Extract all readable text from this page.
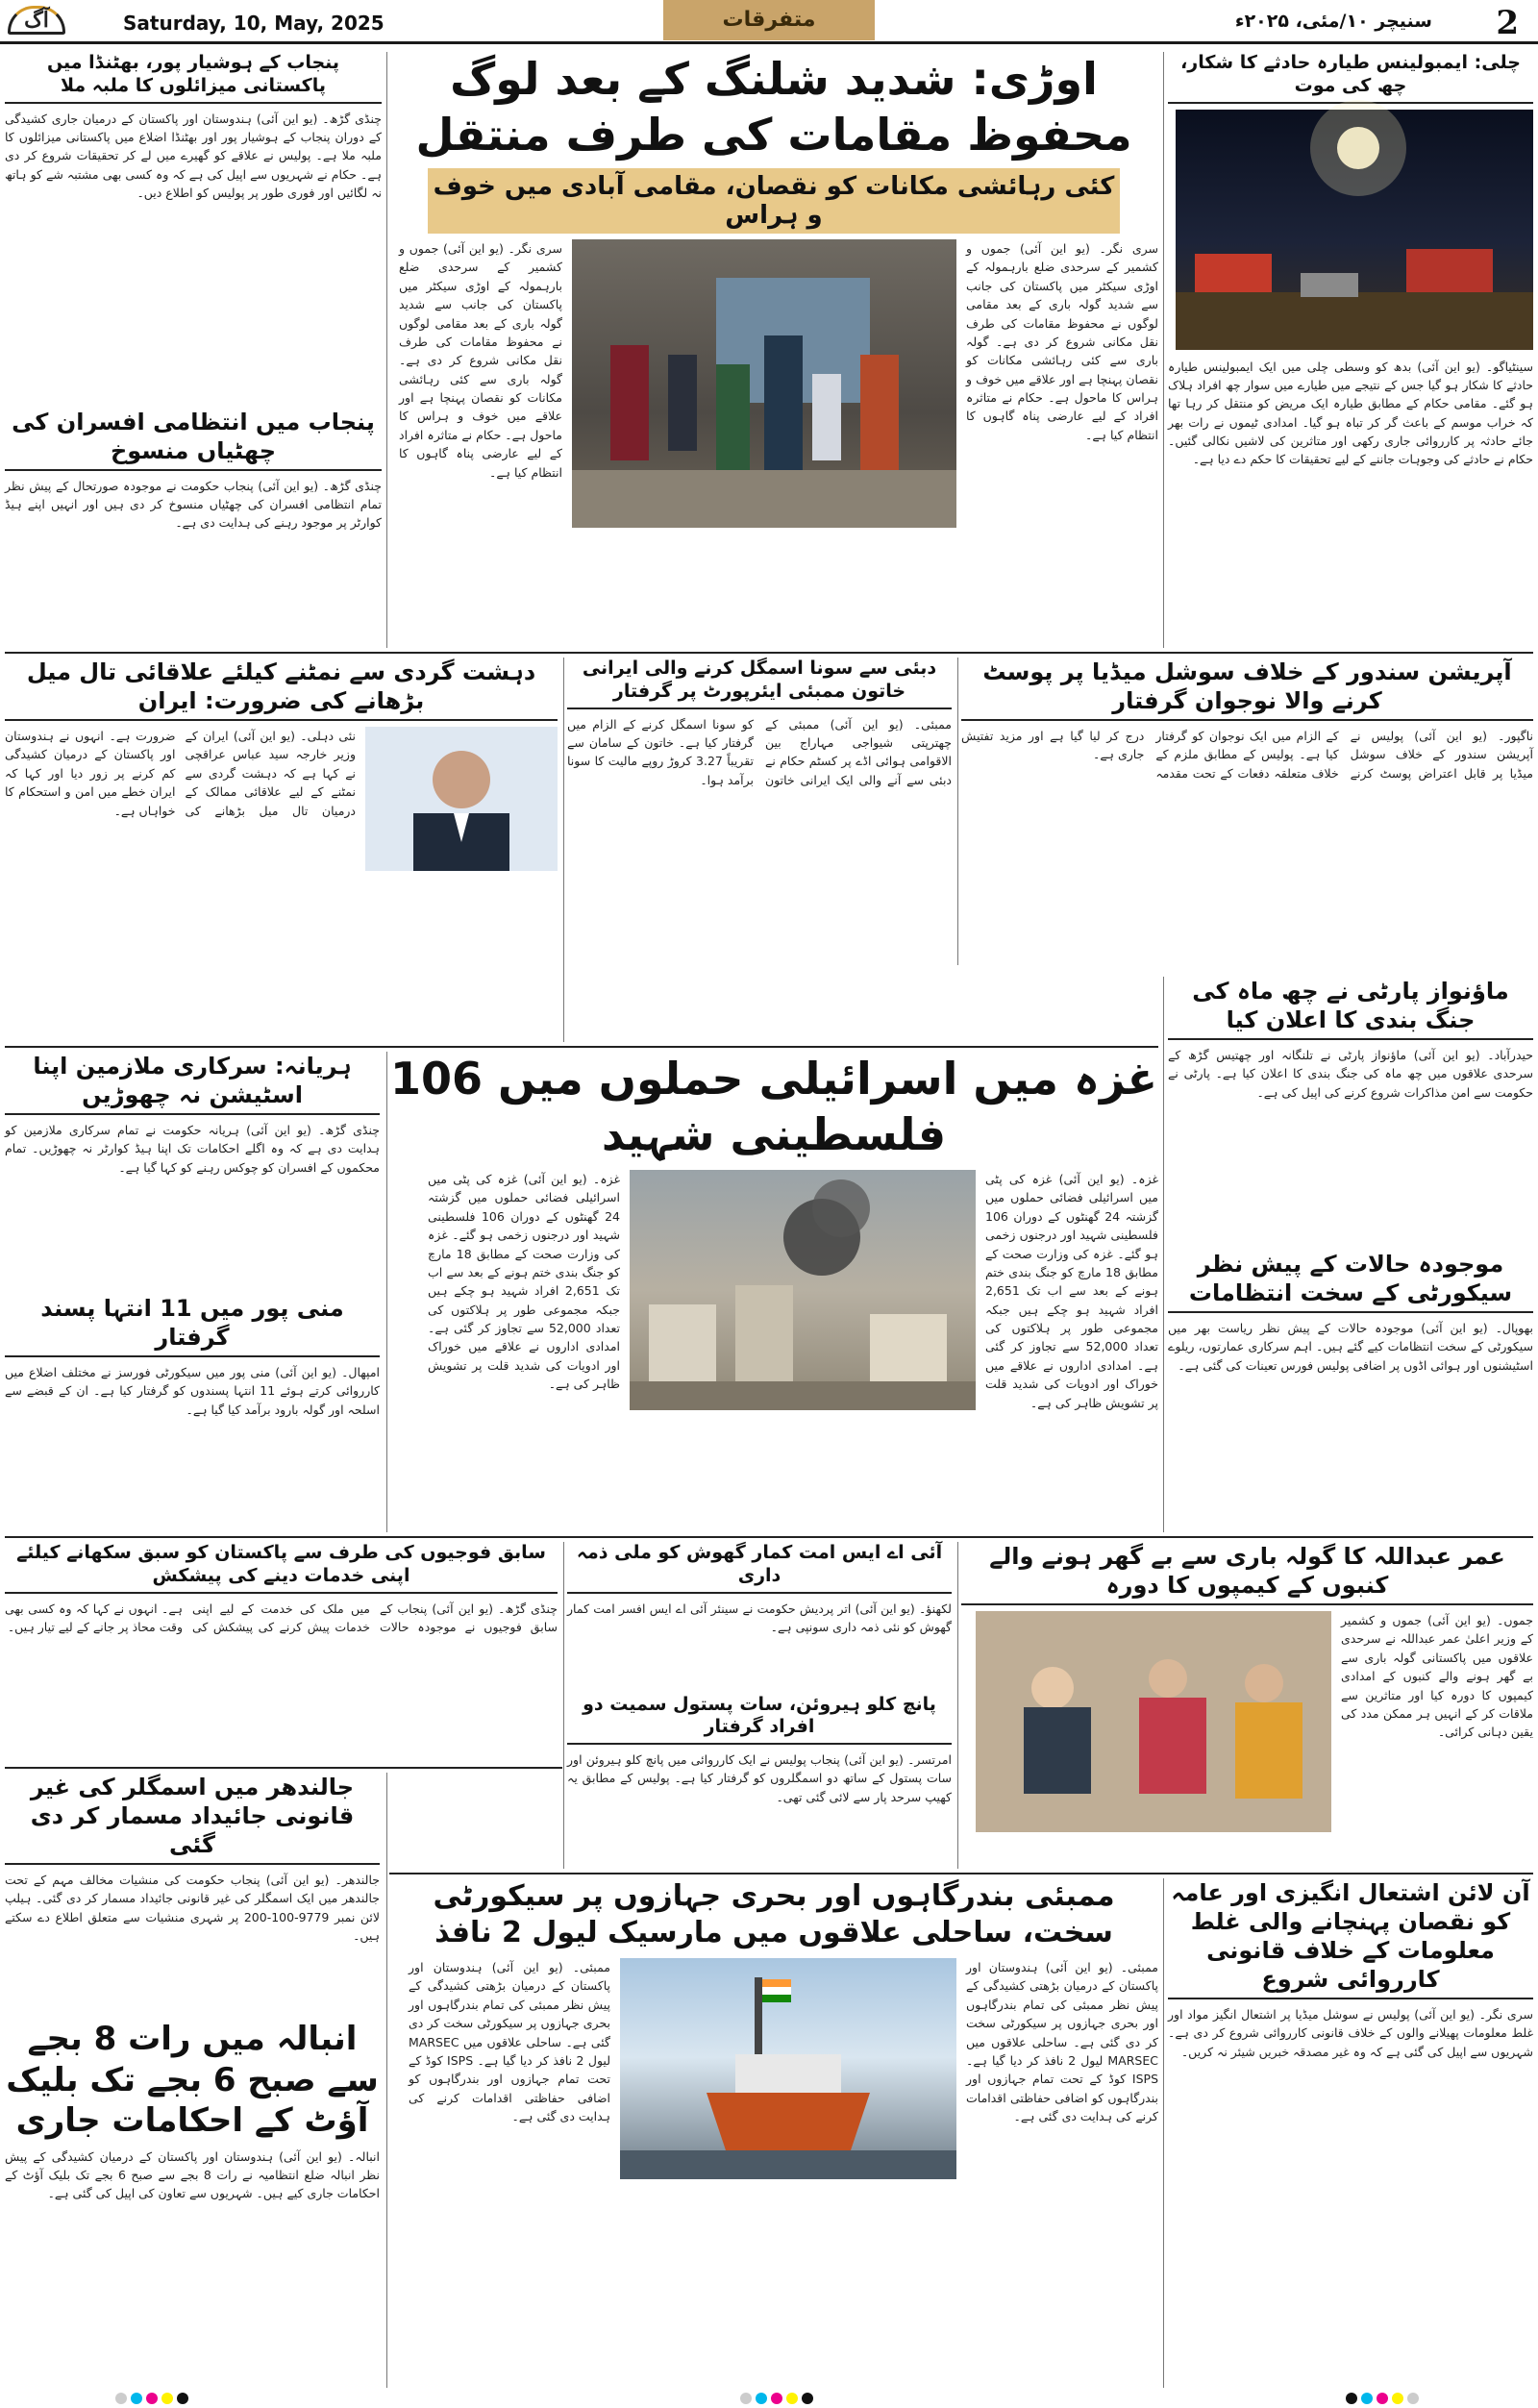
آگ	Saturday, 10, May, 2025	متفرقات	سنیچر ۱۰/مئی، ۲۰۲۵ء 2
چلی: ایمبولینس طیارہ حادثے کا شکار، چھ کی موت
سینٹیاگو۔ (یو این آئی) بدھ کو وسطی چلی میں ایک ایمبولینس طیارہ حادثے کا شکار ہو گیا جس کے نتیجے میں طیارے میں سوار چھ افراد ہلاک ہو گئے۔ مقامی حکام کے مطابق طیارہ ایک مریض کو منتقل کر رہا تھا کہ خراب موسم کے باعث گر کر تباہ ہو گیا۔ امدادی ٹیموں نے رات بھر جائے حادثہ پر کارروائی جاری رکھی اور متاثرین کی لاشیں نکالی گئیں۔ حکام نے حادثے کی وجوہات جاننے کے لیے تحقیقات کا حکم دے دیا ہے۔
اوڑی: شدید شلنگ کے بعد لوگ محفوظ مقامات کی طرف منتقل
کئی رہائشی مکانات کو نقصان، مقامی آبادی میں خوف و ہراس
سری نگر۔ (یو این آئی) جموں و کشمیر کے سرحدی ضلع بارہمولہ کے اوڑی سیکٹر میں پاکستان کی جانب سے شدید گولہ باری کے بعد مقامی لوگوں نے محفوظ مقامات کی طرف نقل مکانی شروع کر دی ہے۔ گولہ باری سے کئی رہائشی مکانات کو نقصان پہنچا ہے اور علاقے میں خوف و ہراس کا ماحول ہے۔ حکام نے متاثرہ افراد کے لیے عارضی پناہ گاہوں کا انتظام کیا ہے۔
سری نگر۔ (یو این آئی) جموں و کشمیر کے سرحدی ضلع بارہمولہ کے اوڑی سیکٹر میں پاکستان کی جانب سے شدید گولہ باری کے بعد مقامی لوگوں نے محفوظ مقامات کی طرف نقل مکانی شروع کر دی ہے۔ گولہ باری سے کئی رہائشی مکانات کو نقصان پہنچا ہے اور علاقے میں خوف و ہراس کا ماحول ہے۔ حکام نے متاثرہ افراد کے لیے عارضی پناہ گاہوں کا انتظام کیا ہے۔
پنجاب کے ہوشیار پور، بھٹنڈا میں پاکستانی میزائلوں کا ملبہ ملا
چنڈی گڑھ۔ (یو این آئی) ہندوستان اور پاکستان کے درمیان جاری کشیدگی کے دوران پنجاب کے ہوشیار پور اور بھٹنڈا اضلاع میں پاکستانی میزائلوں کا ملبہ ملا ہے۔ پولیس نے علاقے کو گھیرے میں لے کر تحقیقات شروع کر دی ہے۔ حکام نے شہریوں سے اپیل کی ہے کہ وہ کسی بھی مشتبہ شے کو ہاتھ نہ لگائیں اور فوری طور پر پولیس کو اطلاع دیں۔
پنجاب میں انتظامی افسران کی چھٹیاں منسوخ
چنڈی گڑھ۔ (یو این آئی) پنجاب حکومت نے موجودہ صورتحال کے پیش نظر تمام انتظامی افسران کی چھٹیاں منسوخ کر دی ہیں اور انہیں اپنے ہیڈ کوارٹر پر موجود رہنے کی ہدایت دی ہے۔
آپریشن سندور کے خلاف سوشل میڈیا پر پوسٹ کرنے والا نوجوان گرفتار
ناگپور۔ (یو این آئی) پولیس نے آپریشن سندور کے خلاف سوشل میڈیا پر قابل اعتراض پوسٹ کرنے کے الزام میں ایک نوجوان کو گرفتار کیا ہے۔ پولیس کے مطابق ملزم کے خلاف متعلقہ دفعات کے تحت مقدمہ درج کر لیا گیا ہے اور مزید تفتیش جاری ہے۔
دبئی سے سونا اسمگل کرنے والی ایرانی خاتون ممبئی ایئرپورٹ پر گرفتار
ممبئی۔ (یو این آئی) ممبئی کے چھترپتی شیواجی مہاراج بین الاقوامی ہوائی اڈے پر کسٹم حکام نے دبئی سے آنے والی ایک ایرانی خاتون کو سونا اسمگل کرنے کے الزام میں گرفتار کیا ہے۔ خاتون کے سامان سے تقریباً 3.27 کروڑ روپے مالیت کا سونا برآمد ہوا۔
دہشت گردی سے نمٹنے کیلئے علاقائی تال میل بڑھانے کی ضرورت: ایران
نئی دہلی۔ (یو این آئی) ایران کے وزیر خارجہ سید عباس عراقچی نے کہا ہے کہ دہشت گردی سے نمٹنے کے لیے علاقائی ممالک کے درمیان تال میل بڑھانے کی ضرورت ہے۔ انہوں نے ہندوستان اور پاکستان کے درمیان کشیدگی کم کرنے پر زور دیا اور کہا کہ ایران خطے میں امن و استحکام کا خواہاں ہے۔
ماؤنواز پارٹی نے چھ ماہ کی جنگ بندی کا اعلان کیا
حیدرآباد۔ (یو این آئی) ماؤنواز پارٹی نے تلنگانہ اور چھتیس گڑھ کے سرحدی علاقوں میں چھ ماہ کی جنگ بندی کا اعلان کیا ہے۔ پارٹی نے حکومت سے امن مذاکرات شروع کرنے کی اپیل کی ہے۔
موجودہ حالات کے پیش نظر سیکورٹی کے سخت انتظامات
بھوپال۔ (یو این آئی) موجودہ حالات کے پیش نظر ریاست بھر میں سیکورٹی کے سخت انتظامات کیے گئے ہیں۔ اہم سرکاری عمارتوں، ریلوے اسٹیشنوں اور ہوائی اڈوں پر اضافی پولیس فورس تعینات کی گئی ہے۔
غزہ میں اسرائیلی حملوں میں 106 فلسطینی شہید
غزہ۔ (یو این آئی) غزہ کی پٹی میں اسرائیلی فضائی حملوں میں گزشتہ 24 گھنٹوں کے دوران 106 فلسطینی شہید اور درجنوں زخمی ہو گئے۔ غزہ کی وزارت صحت کے مطابق 18 مارچ کو جنگ بندی ختم ہونے کے بعد سے اب تک 2,651 افراد شہید ہو چکے ہیں جبکہ مجموعی طور پر ہلاکتوں کی تعداد 52,000 سے تجاوز کر گئی ہے۔ امدادی اداروں نے علاقے میں خوراک اور ادویات کی شدید قلت پر تشویش ظاہر کی ہے۔
غزہ۔ (یو این آئی) غزہ کی پٹی میں اسرائیلی فضائی حملوں میں گزشتہ 24 گھنٹوں کے دوران 106 فلسطینی شہید اور درجنوں زخمی ہو گئے۔ غزہ کی وزارت صحت کے مطابق 18 مارچ کو جنگ بندی ختم ہونے کے بعد سے اب تک 2,651 افراد شہید ہو چکے ہیں جبکہ مجموعی طور پر ہلاکتوں کی تعداد 52,000 سے تجاوز کر گئی ہے۔ امدادی اداروں نے علاقے میں خوراک اور ادویات کی شدید قلت پر تشویش ظاہر کی ہے۔
ہریانہ: سرکاری ملازمین اپنا اسٹیشن نہ چھوڑیں
چنڈی گڑھ۔ (یو این آئی) ہریانہ حکومت نے تمام سرکاری ملازمین کو ہدایت دی ہے کہ وہ اگلے احکامات تک اپنا ہیڈ کوارٹر نہ چھوڑیں۔ تمام محکموں کے افسران کو چوکس رہنے کو کہا گیا ہے۔
منی پور میں 11 انتہا پسند گرفتار
امپھال۔ (یو این آئی) منی پور میں سیکورٹی فورسز نے مختلف اضلاع میں کارروائی کرتے ہوئے 11 انتہا پسندوں کو گرفتار کیا ہے۔ ان کے قبضے سے اسلحہ اور گولہ بارود برآمد کیا گیا ہے۔
عمر عبداللہ کا گولہ باری سے بے گھر ہونے والے کنبوں کے کیمپوں کا دورہ
جموں۔ (یو این آئی) جموں و کشمیر کے وزیر اعلیٰ عمر عبداللہ نے سرحدی علاقوں میں پاکستانی گولہ باری سے بے گھر ہونے والے کنبوں کے امدادی کیمپوں کا دورہ کیا اور متاثرین سے ملاقات کر کے انہیں ہر ممکن مدد کی یقین دہانی کرائی۔
آئی اے ایس امت کمار گھوش کو ملی ذمہ داری
لکھنؤ۔ (یو این آئی) اتر پردیش حکومت نے سینئر آئی اے ایس افسر امت کمار گھوش کو نئی ذمہ داری سونپی ہے۔
پانچ کلو ہیروئن، سات پستول سمیت دو افراد گرفتار
امرتسر۔ (یو این آئی) پنجاب پولیس نے ایک کارروائی میں پانچ کلو ہیروئن اور سات پستول کے ساتھ دو اسمگلروں کو گرفتار کیا ہے۔ پولیس کے مطابق یہ کھیپ سرحد پار سے لائی گئی تھی۔
سابق فوجیوں کی طرف سے پاکستان کو سبق سکھانے کیلئے اپنی خدمات دینے کی پیشکش
چنڈی گڑھ۔ (یو این آئی) پنجاب کے سابق فوجیوں نے موجودہ حالات میں ملک کی خدمت کے لیے اپنی خدمات پیش کرنے کی پیشکش کی ہے۔ انہوں نے کہا کہ وہ کسی بھی وقت محاذ پر جانے کے لیے تیار ہیں۔
جالندھر میں اسمگلر کی غیر قانونی جائیداد مسمار کر دی گئی
جالندھر۔ (یو این آئی) پنجاب حکومت کی منشیات مخالف مہم کے تحت جالندھر میں ایک اسمگلر کی غیر قانونی جائیداد مسمار کر دی گئی۔ ہیلپ لائن نمبر 9779-100-200 پر شہری منشیات سے متعلق اطلاع دے سکتے ہیں۔
انبالہ میں رات 8 بجے سے صبح 6 بجے تک بلیک آؤٹ کے احکامات جاری
انبالہ۔ (یو این آئی) ہندوستان اور پاکستان کے درمیان کشیدگی کے پیش نظر انبالہ ضلع انتظامیہ نے رات 8 بجے سے صبح 6 بجے تک بلیک آؤٹ کے احکامات جاری کیے ہیں۔ شہریوں سے تعاون کی اپیل کی گئی ہے۔
آن لائن اشتعال انگیزی اور عامہ کو نقصان پہنچانے والی غلط معلومات کے خلاف قانونی کارروائی شروع
سری نگر۔ (یو این آئی) پولیس نے سوشل میڈیا پر اشتعال انگیز مواد اور غلط معلومات پھیلانے والوں کے خلاف قانونی کارروائی شروع کر دی ہے۔ شہریوں سے اپیل کی گئی ہے کہ وہ غیر مصدقہ خبریں شیئر نہ کریں۔
ممبئی بندرگاہوں اور بحری جہازوں پر سیکورٹی سخت، ساحلی علاقوں میں مارسیک لیول 2 نافذ
ممبئی۔ (یو این آئی) ہندوستان اور پاکستان کے درمیان بڑھتی کشیدگی کے پیش نظر ممبئی کی تمام بندرگاہوں اور بحری جہازوں پر سیکورٹی سخت کر دی گئی ہے۔ ساحلی علاقوں میں MARSEC لیول 2 نافذ کر دیا گیا ہے۔ ISPS کوڈ کے تحت تمام جہازوں اور بندرگاہوں کو اضافی حفاظتی اقدامات کرنے کی ہدایت دی گئی ہے۔
ممبئی۔ (یو این آئی) ہندوستان اور پاکستان کے درمیان بڑھتی کشیدگی کے پیش نظر ممبئی کی تمام بندرگاہوں اور بحری جہازوں پر سیکورٹی سخت کر دی گئی ہے۔ ساحلی علاقوں میں MARSEC لیول 2 نافذ کر دیا گیا ہے۔ ISPS کوڈ کے تحت تمام جہازوں اور بندرگاہوں کو اضافی حفاظتی اقدامات کرنے کی ہدایت دی گئی ہے۔
